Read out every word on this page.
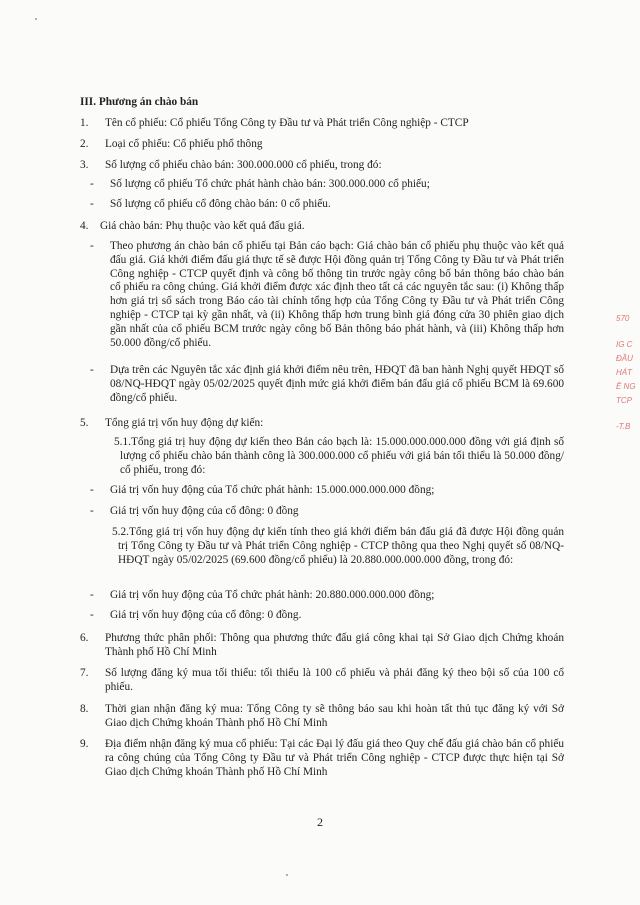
III. Phương án chào bán
1. Tên cổ phiếu: Cổ phiếu Tổng Công ty Đầu tư và Phát triển Công nghiệp - CTCP
2. Loại cổ phiếu: Cổ phiếu phổ thông
3. Số lượng cổ phiếu chào bán: 300.000.000 cổ phiếu, trong đó:
- Số lượng cổ phiếu Tổ chức phát hành chào bán: 300.000.000 cổ phiếu;
- Số lượng cổ phiếu cổ đông chào bán: 0 cổ phiếu.
4. Giá chào bán: Phụ thuộc vào kết quả đấu giá.
- Theo phương án chào bán cổ phiếu tại Bản cáo bạch: Giá chào bán cổ phiếu phụ thuộc vào kết quả đấu giá. Giá khởi điểm đấu giá thực tế sẽ được Hội đồng quản trị Tổng Công ty Đầu tư và Phát triển Công nghiệp - CTCP quyết định và công bố thông tin trước ngày công bố bản thông báo chào bán cổ phiếu ra công chúng. Giá khởi điểm được xác định theo tất cả các nguyên tắc sau: (i) Không thấp hơn giá trị sổ sách trong Báo cáo tài chính tổng hợp của Tổng Công ty Đầu tư và Phát triển Công nghiệp - CTCP tại kỳ gần nhất, và (ii) Không thấp hơn trung bình giá đóng cửa 30 phiên giao dịch gần nhất của cổ phiếu BCM trước ngày công bố Bản thông báo phát hành, và (iii) Không thấp hơn 50.000 đồng/cổ phiếu.
- Dựa trên các Nguyên tắc xác định giá khởi điểm nêu trên, HĐQT đã ban hành Nghị quyết HĐQT số 08/NQ-HĐQT ngày 05/02/2025 quyết định mức giá khởi điểm bán đấu giá cổ phiếu BCM là 69.600 đồng/cổ phiếu.
5. Tổng giá trị vốn huy động dự kiến:
5.1.Tổng giá trị huy động dự kiến theo Bản cáo bạch là: 15.000.000.000.000 đồng với giá định số lượng cổ phiếu chào bán thành công là 300.000.000 cổ phiếu với giá bán tối thiểu là 50.000 đồng/ cổ phiếu, trong đó:
- Giá trị vốn huy động của Tổ chức phát hành: 15.000.000.000.000 đồng;
- Giá trị vốn huy động của cổ đông: 0 đồng
5.2.Tổng giá trị vốn huy động dự kiến tính theo giá khởi điểm bán đấu giá đã được Hội đồng quản trị Tổng Công ty Đầu tư và Phát triển Công nghiệp - CTCP thông qua theo Nghị quyết số 08/NQ-HĐQT ngày 05/02/2025 (69.600 đồng/cổ phiếu) là 20.880.000.000.000 đồng, trong đó:
- Giá trị vốn huy động của Tổ chức phát hành: 20.880.000.000.000 đồng;
- Giá trị vốn huy động của cổ đông: 0 đồng.
6. Phương thức phân phối: Thông qua phương thức đấu giá công khai tại Sở Giao dịch Chứng khoán Thành phố Hồ Chí Minh
7. Số lượng đăng ký mua tối thiểu: tối thiểu là 100 cổ phiếu và phải đăng ký theo bội số của 100 cổ phiếu.
8. Thời gian nhận đăng ký mua: Tổng Công ty sẽ thông báo sau khi hoàn tất thủ tục đăng ký với Sở Giao dịch Chứng khoán Thành phố Hồ Chí Minh
9. Địa điểm nhận đăng ký mua cổ phiếu: Tại các Đại lý đấu giá theo Quy chế đấu giá chào bán cổ phiếu ra công chúng của Tổng Công ty Đầu tư và Phát triển Công nghiệp - CTCP được thực hiện tại Sở Giao dịch Chứng khoán Thành phố Hồ Chí Minh
2
570
IG C
ĐẦU
HÁT
Ê NG
TCP
-T.B
